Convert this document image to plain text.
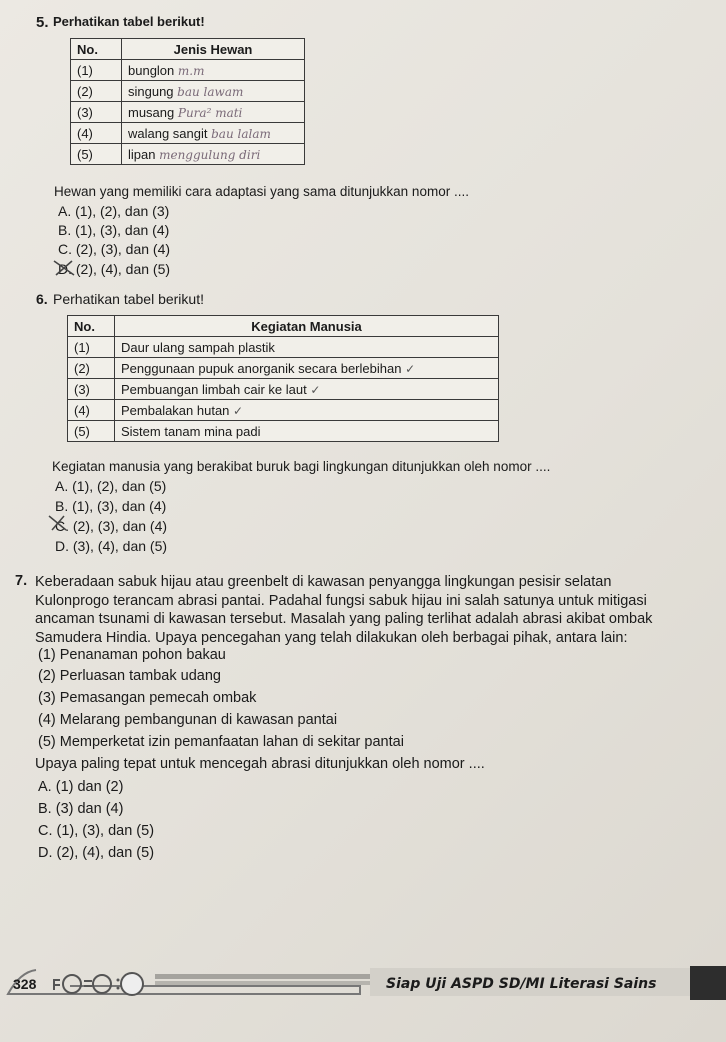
5. Perhatikan tabel berikut!
No.	Jenis Hewan
(1)	bunglon m.m
(2)	singung bau lawam
(3)	musang Pura² mati
(4)	walang sangit bau lalam
(5)	lipan menggulung diri
Hewan yang memiliki cara adaptasi yang sama ditunjukkan nomor ....
A. (1), (2), dan (3)
B. (1), (3), dan (4)
C. (2), (3), dan (4)
D. (2), (4), dan (5)
6. Perhatikan tabel berikut!
No.	Kegiatan Manusia
(1)	Daur ulang sampah plastik
(2)	Penggunaan pupuk anorganik secara berlebihan ✓
(3)	Pembuangan limbah cair ke laut ✓
(4)	Pembalakan hutan ✓
(5)	Sistem tanam mina padi
Kegiatan manusia yang berakibat buruk bagi lingkungan ditunjukkan oleh nomor ....
A. (1), (2), dan (5)
B. (1), (3), dan (4)
C. (2), (3), dan (4)
D. (3), (4), dan (5)
7. Keberadaan sabuk hijau atau greenbelt di kawasan penyangga lingkungan pesisir selatan
Kulonprogo terancam abrasi pantai. Padahal fungsi sabuk hijau ini salah satunya untuk mitigasi
ancaman tsunami di kawasan tersebut. Masalah yang paling terlihat adalah abrasi akibat ombak
Samudera Hindia. Upaya pencegahan yang telah dilakukan oleh berbagai pihak, antara lain:
(1) Penanaman pohon bakau
(2) Perluasan tambak udang
(3) Pemasangan pemecah ombak
(4) Melarang pembangunan di kawasan pantai
(5) Memperketat izin pemanfaatan lahan di sekitar pantai
Upaya paling tepat untuk mencegah abrasi ditunjukkan oleh nomor ....
A. (1) dan (2)
B. (3) dan (4)
C. (1), (3), dan (5)
D. (2), (4), dan (5)
328	Siap Uji ASPD SD/MI Literasi Sains
